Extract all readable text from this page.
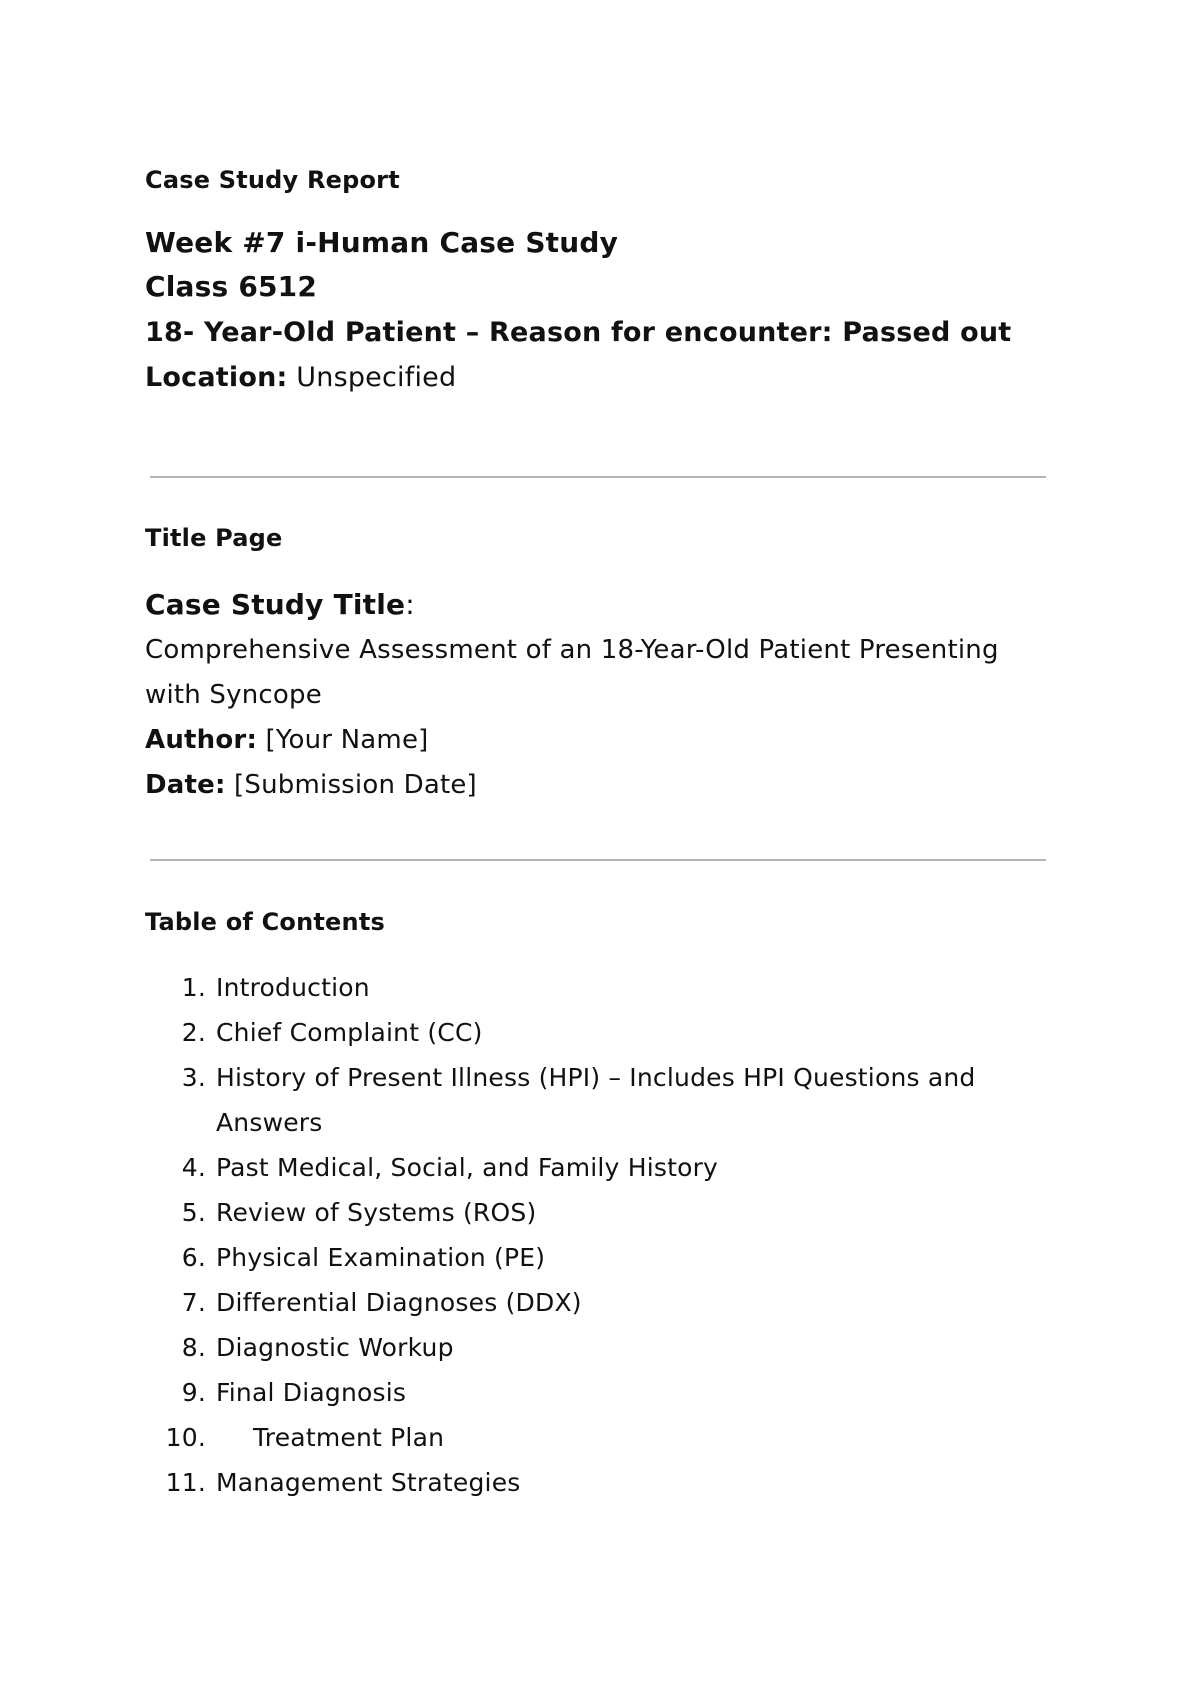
Case Study Report
Week #7 i-Human Case Study
Class 6512
18- Year-Old Patient – Reason for encounter: Passed out
Location: Unspecified
Title Page
Case Study Title:
Comprehensive Assessment of an 18-Year-Old Patient Presenting
with Syncope
Author: [Your Name]
Date: [Submission Date]
Table of Contents
1. Introduction
2. Chief Complaint (CC)
3. History of Present Illness (HPI) – Includes HPI Questions and
Answers
4. Past Medical, Social, and Family History
5. Review of Systems (ROS)
6. Physical Examination (PE)
7. Differential Diagnoses (DDX)
8. Diagnostic Workup
9. Final Diagnosis
10. Treatment Plan
11. Management Strategies
